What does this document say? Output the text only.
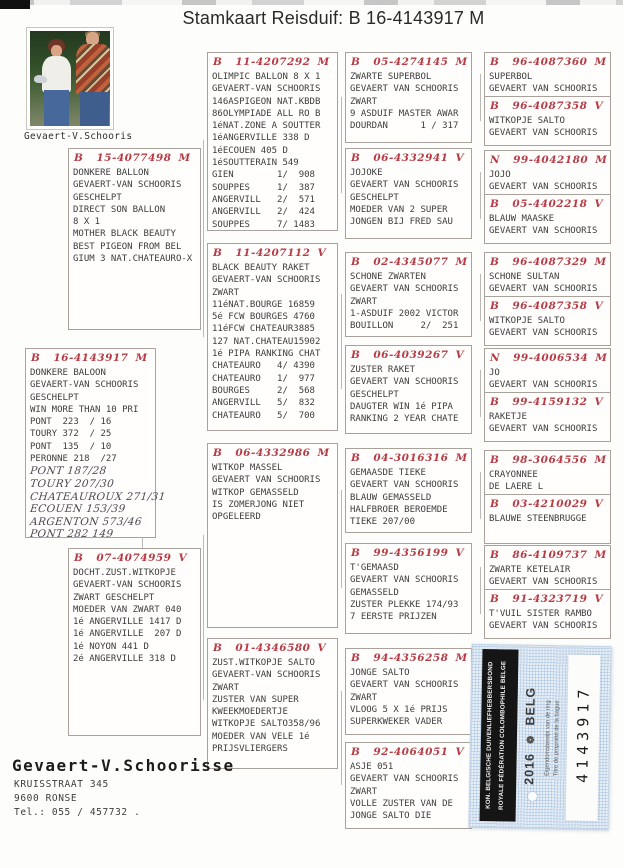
Stamkaart Reisduif: B 16-4143917 M
Gevaert-V.Schooris
B 15-4077498 M
DONKERE BALLON
GEVAERT-VAN SCHOORIS
GESCHELPT
DIRECT SON BALLON
8 X 1
MOTHER BLACK BEAUTY
BEST PIGEON FROM BEL
GIUM 3 NAT.CHATEAURO-X
B 16-4143917 M
DONKERE BALOON
GEVAERT-VAN SCHOORIS
GESCHELPT
WIN MORE THAN 10 PRI
PONT  223  / 16
TOURY 372  / 25
PONT  135  / 10
PERONNE 218  /27
PONT 187/28
TOURY 207/30
CHATEAUROUX 271/31
ECOUEN 153/39
ARGENTON 573/46
PONT 282 149
B 07-4074959 V
DOCHT.ZUST.WITKOPJE
GEVAERT-VAN SCHOORIS
ZWART GESCHELPT
MOEDER VAN ZWART 040
1é ANGERVILLE 1417 D
1é ANGERVILLE  207 D
1é NOYON 441 D
2é ANGERVILLE 318 D
B 11-4207292 M
OLIMPIC BALLON 8 X 1
GEVAERT-VAN SCHOORIS
146ASPIGEON NAT.KBDB
86OLYMPIADE ALL RO B
1éNAT.ZONE A SOUTTER
1éANGERVILLE 338 D
1éECOUEN 405 D
1éSOUTTERAIN 549
GIEN        1/  908
SOUPPES     1/  387
ANGERVILL   2/  571
ANGERVILL   2/  424
SOUPPES     7/ 1483
B 11-4207112 V
BLACK BEAUTY RAKET
GEVAERT-VAN SCHOORIS
ZWART
11éNAT.BOURGE 16859
5é FCW BOURGES 4760
11éFCW CHATEAUR3885
127 NAT.CHATEAU15902
1é PIPA RANKING CHAT
CHATEAURO   4/ 4390
CHATEAURO   1/  977
BOURGES     2/  568
ANGERVILL   5/  832
CHATEAURO   5/  700
B 06-4332986 M
WITKOP MASSEL
GEVAERT VAN SCHOORIS
WITKOP GEMASSELD
IS ZOMERJONG NIET
OPGELEERD
B 01-4346580 V
ZUST.WITKOPJE SALTO
GEVAERT-VAN SCHOORIS
ZWART
ZUSTER VAN SUPER
KWEEKMOEDERTJE
WITKOPJE SALTO358/96
MOEDER VAN VELE 1é
PRIJSVLIERGERS
B 05-4274145 M
ZWARTE SUPERBOL
GEVAERT VAN SCHOORIS
ZWART
9 ASDUIF MASTER AWAR
DOURDAN      1 / 317
B 06-4332941 V
JOJOKE
GEVAERT VAN SCHOORIS
GESCHELPT
MOEDER VAN 2 SUPER
JONGEN BIJ FRED SAU
B 02-4345077 M
SCHONE ZWARTEN
GEVAERT VAN SCHOORIS
ZWART
1-ASDUIF 2002 VICTOR
BOUILLON     2/  251
B 06-4039267 V
ZUSTER RAKET
GEVAERT VAN SCHOORIS
GESCHELPT
DAUGTER WIN 1é PIPA
RANKING 2 YEAR CHATE
B 04-3016316 M
GEMAASDE TIEKE
GEVAERT VAN SCHOORIS
BLAUW GEMASSELD
HALFBROER BEROEMDE
TIEKE 207/00
B 99-4356199 V
T'GEMAASD
GEVAERT VAN SCHOORIS
GEMASSELD
ZUSTER PLEKKE 174/93
7 EERSTE PRIJZEN
B 94-4356258 M
JONGE SALTO
GEVAERT VAN SCHOORIS
ZWART
VLOOG 5 X 1é PRIJS
SUPERKWEKER VADER
B 92-4064051 V
ASJE 051
GEVAERT VAN SCHOORIS
ZWART
VOLLE ZUSTER VAN DE
JONGE SALTO DIE
B 96-4087360 M
SUPERBOL
GEVAERT VAN SCHOORIS
B 96-4087358 V
WITKOPJE SALTO
GEVAERT VAN SCHOORIS
N 99-4042180 M
JOJO
GEVAERT VAN SCHOORIS
B 05-4402218 V
BLAUW MAASKE
GEVAERT VAN SCHOORIS
B 96-4087329 M
SCHONE SULTAN
GEVAERT VAN SCHOORIS
B 96-4087358 V
WITKOPJE SALTO
GEVAERT VAN SCHOORIS
N 99-4006534 M
JO
GEVAERT VAN SCHOORIS
B 99-4159132 V
RAKETJE
GEVAERT VAN SCHOORIS
B 98-3064556 M
CRAYONNEE
DE LAERE L
B 03-4210029 V
BLAUWE STEENBRUGGE
B 86-4109737 M
ZWARTE KETELAIR
GEVAERT VAN SCHOORIS
B 91-4323719 V
T'VUIL SISTER RAMBO
GEVAERT VAN SCHOORIS
Gevaert-V.Schoorisse
KRUISSTRAAT 345
9600 RONSE
Tel.: 055 / 457732 .
KON. BELGISCHE DUIVENLIEFHEBBERSBOND ROYALE FÉDÉRATION COLOMBOPHILE BELGE 2016❁BELG Eigendomsbewijs van de ring Titre de propriété de la bague 4143917
